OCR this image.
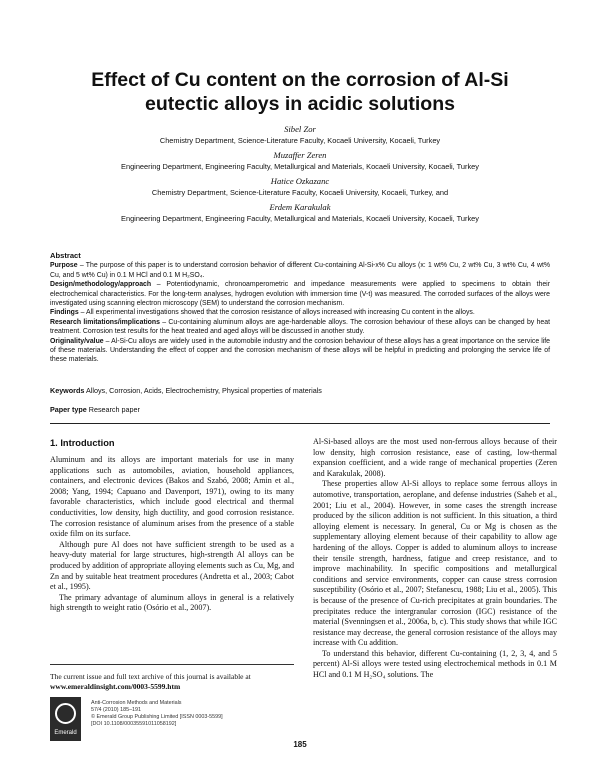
Effect of Cu content on the corrosion of Al-Si
eutectic alloys in acidic solutions
Sibel Zor
Chemistry Department, Science-Literature Faculty, Kocaeli University, Kocaeli, Turkey
Muzaffer Zeren
Engineering Department, Engineering Faculty, Metallurgical and Materials, Kocaeli University, Kocaeli, Turkey
Hatice Ozkazanc
Chemistry Department, Science-Literature Faculty, Kocaeli University, Kocaeli, Turkey, and
Erdem Karakulak
Engineering Department, Engineering Faculty, Metallurgical and Materials, Kocaeli University, Kocaeli, Turkey
Abstract

Purpose – The purpose of this paper is to understand corrosion behavior of different Cu-containing Al-Si-x% Cu alloys (x: 1 wt% Cu, 2 wt% Cu, 3 wt% Cu, 4 wt% Cu, and 5 wt% Cu) in 0.1 M HCl and 0.1 M H₂SO₄.

Design/methodology/approach – Potentiodynamic, chronoamperometric and impedance measurements were applied to specimens to obtain their electrochemical characteristics. For the long-term analyses, hydrogen evolution with immersion time (V-t) was measured. The corroded surfaces of the alloys were investigated using scanning electron microscopy (SEM) to understand the corrosion mechanism.

Findings – All experimental investigations showed that the corrosion resistance of alloys increased with increasing Cu content in the alloys.

Research limitations/implications – Cu-containing aluminum alloys are age-hardenable alloys. The corrosion behaviour of these alloys can be changed by heat treatment. Corrosion test results for the heat treated and aged alloys will be discussed in another study.

Originality/value – Al-Si-Cu alloys are widely used in the automobile industry and the corrosion behaviour of these alloys has a great importance on the service life of these materials. Understanding the effect of copper and the corrosion mechanism of these alloys will be helpful in predicting and prolonging the service life of these materials.

Keywords Alloys, Corrosion, Acids, Electrochemistry, Physical properties of materials
Paper type Research paper
1. Introduction

Aluminum and its alloys are important materials for use in many applications such as automobiles, aviation, household appliances, containers, and electronic devices (Bakos and Szabó, 2008; Amin et al., 2008; Yang, 1994; Capuano and Davenport, 1971), owing to its many favorable characteristics, which include good electrical and thermal conductivities, low density, high ductility, and good corrosion resistance. The corrosion resistance of aluminum arises from the presence of a stable oxide film on its surface.

Although pure Al does not have sufficient strength to be used as a heavy-duty material for large structures, high-strength Al alloys can be produced by addition of appropriate alloying elements such as Cu, Mg, and Zn and by suitable heat treatment procedures (Andretta et al., 2003; Cabot et al., 1995).

The primary advantage of aluminum alloys in general is a relatively high strength to weight ratio (Osório et al., 2007).

Al-Si-based alloys are the most used non-ferrous alloys because of their low density, high corrosion resistance, ease of casting, low-thermal expansion coefficient, and a wide range of mechanical properties (Zeren and Karakulak, 2008).

These properties allow Al-Si alloys to replace some ferrous alloys in automotive, transportation, aeroplane, and defense industries (Saheb et al., 2001; Liu et al., 2004). However, in some cases the strength increase produced by the silicon addition is not sufficient. In this situation, a third alloying element is necessary. In general, Cu or Mg is chosen as the supplementary alloying element because of their capability to allow age hardening of the alloys. Copper is added to aluminum alloys to increase their tensile strength, hardness, fatigue and creep resistance, and to improve machinability. In specific compositions and metallurgical conditions and service environments, copper can cause stress corrosion susceptibility (Osório et al., 2007; Stefanescu, 1988; Liu et al., 2005). This is because of the presence of Cu-rich precipitates at grain boundaries. The precipitates reduce the intergranular corrosion (IGC) resistance of the material (Svenningsen et al., 2006a, b, c). This study shows that while IGC resistance may decrease, the general corrosion resistance of the alloys may increase with Cu addition.

To understand this behavior, different Cu-containing (1, 2, 3, 4, and 5 percent) Al-Si alloys were tested using electrochemical methods in 0.1 M HCl and 0.1 M H₂SO₄ solutions. The

The current issue and full text archive of this journal is available at
www.emeraldinsight.com/0003-5599.htm
Emerald
Anti-Corrosion Methods and Materials
57/4 (2010) 185–191
© Emerald Group Publishing Limited [ISSN 0003-5599]
[DOI 10.1108/00035591011058192]
185
